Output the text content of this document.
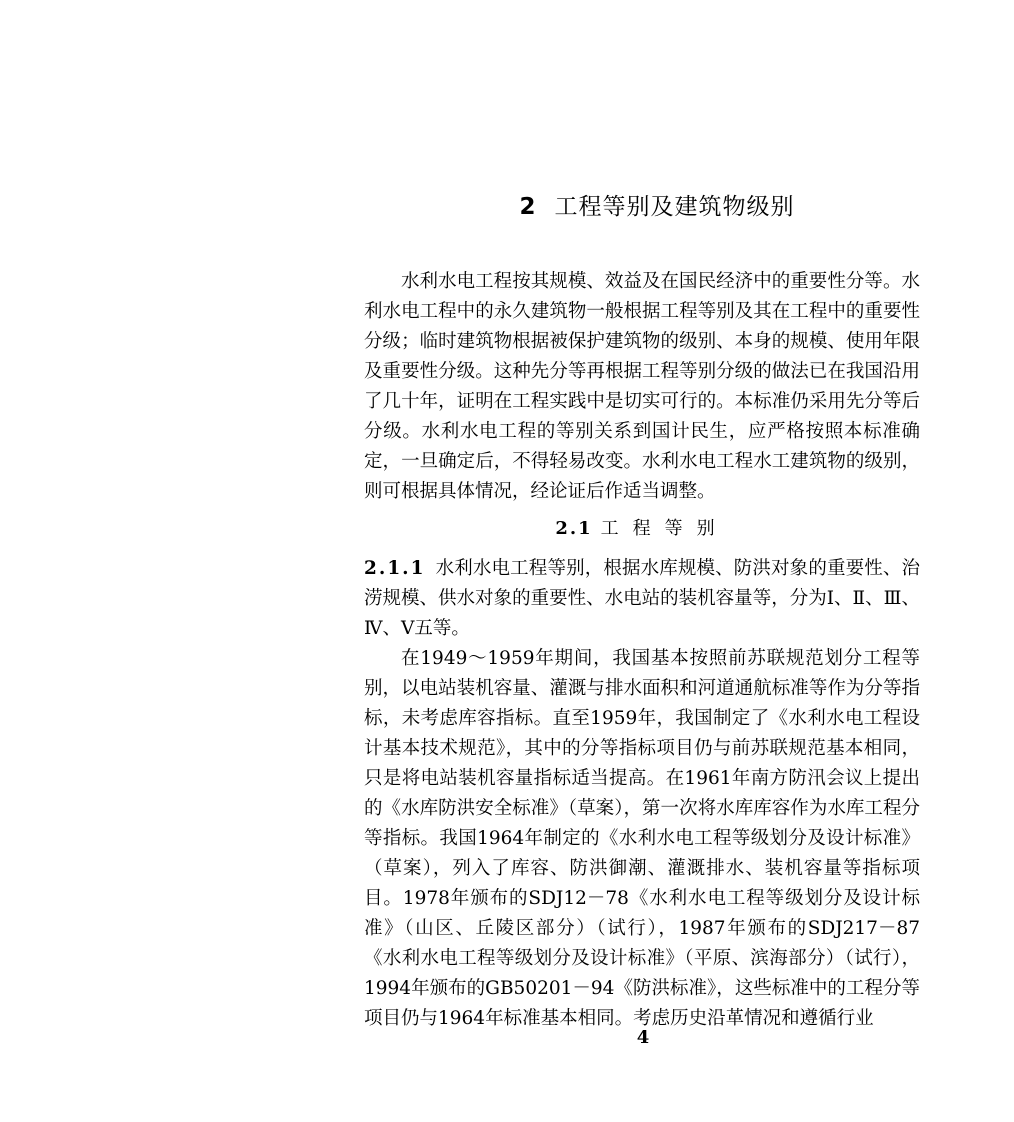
2 工程等别及建筑物级别

水利水电工程按其规模、效益及在国民经济中的重要性分等。水利水电工程中的永久建筑物一般根据工程等别及其在工程中的重要性分级；临时建筑物根据被保护建筑物的级别、本身的规模、使用年限及重要性分级。这种先分等再根据工程等别分级的做法已在我国沿用了几十年，证明在工程实践中是切实可行的。本标准仍采用先分等后分级。水利水电工程的等别关系到国计民生，应严格按照本标准确定，一旦确定后，不得轻易改变。水利水电工程水工建筑物的级别，则可根据具体情况，经论证后作适当调整。

2.1 工程等别

2.1.1 水利水电工程等别，根据水库规模、防洪对象的重要性、治涝规模、供水对象的重要性、水电站的装机容量等，分为Ⅰ、Ⅱ、Ⅲ、Ⅳ、Ⅴ五等。

在1949～1959年期间，我国基本按照前苏联规范划分工程等别，以电站装机容量、灌溉与排水面积和河道通航标准等作为分等指标，未考虑库容指标。直至1959年，我国制定了《水利水电工程设计基本技术规范》，其中的分等指标项目仍与前苏联规范基本相同，只是将电站装机容量指标适当提高。在1961年南方防汛会议上提出的《水库防洪安全标准》（草案），第一次将水库库容作为水库工程分等指标。我国1964年制定的《水利水电工程等级划分及设计标准》（草案），列入了库容、防洪御潮、灌溉排水、装机容量等指标项目。1978年颁布的SDJ12－78《水利水电工程等级划分及设计标准》（山区、丘陵区部分）（试行），1987年颁布的SDJ217－87《水利水电工程等级划分及设计标准》（平原、滨海部分）（试行），1994年颁布的GB50201－94《防洪标准》，这些标准中的工程分等项目仍与1964年标准基本相同。考虑历史沿革情况和遵循行业

4
